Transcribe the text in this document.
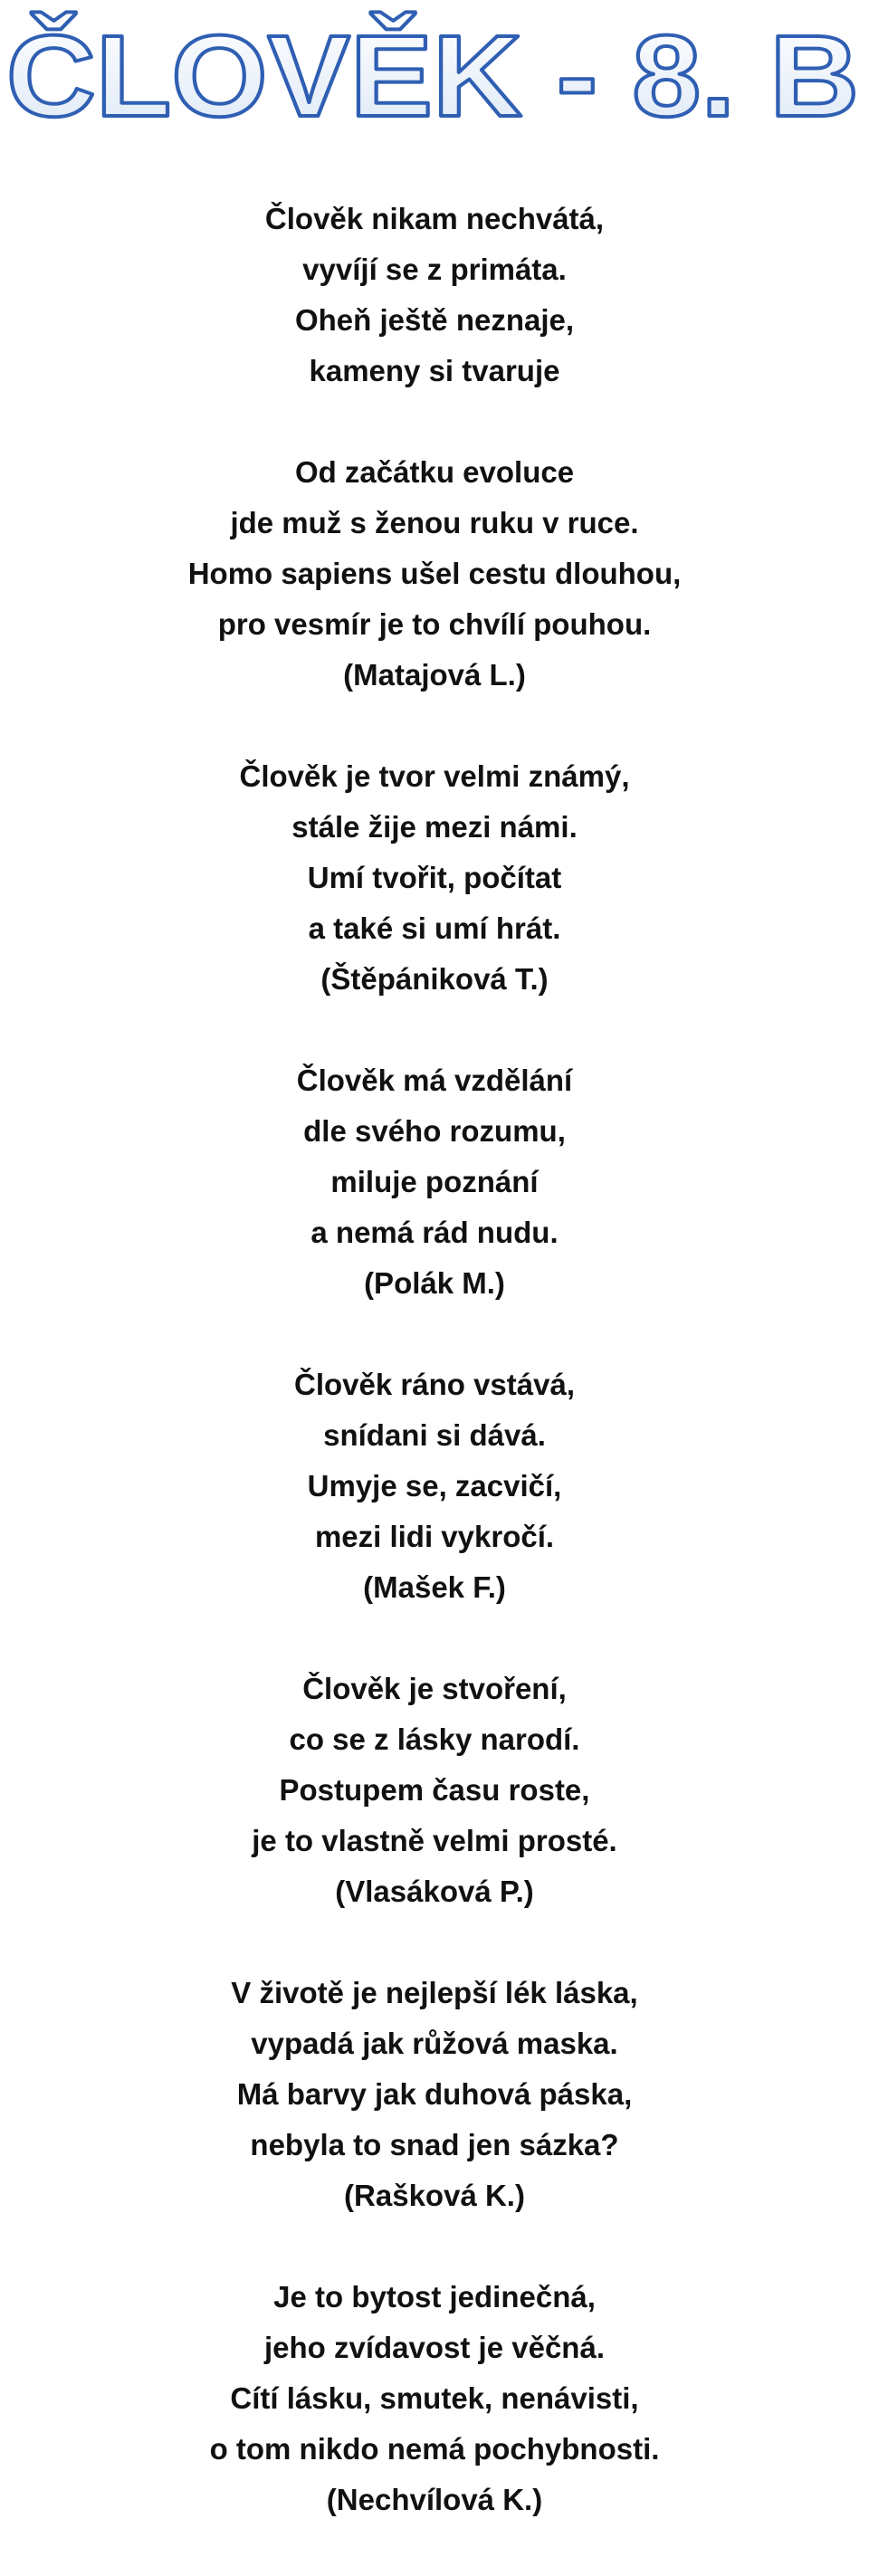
ČLOVĚK - 8. B
Člověk nikam nechvátá,
vyvíjí se z primáta.
Oheň ještě neznaje,
kameny si tvaruje
Od začátku evoluce
jde muž s ženou ruku v ruce.
Homo sapiens ušel cestu dlouhou,
pro vesmír je to chvílí pouhou.
(Matajová L.)
Člověk je tvor velmi známý,
stále žije mezi námi.
Umí tvořit, počítat
a také si umí hrát.
(Štěpániková T.)
Člověk má vzdělání
dle svého rozumu,
miluje poznání
a nemá rád nudu.
(Polák M.)
Člověk ráno vstává,
snídani si dává.
Umyje se, zacvičí,
mezi lidi vykročí.
(Mašek F.)
Člověk je stvoření,
co se z lásky narodí.
Postupem času roste,
je to vlastně velmi prosté.
(Vlasáková P.)
V životě je nejlepší lék láska,
vypadá jak růžová maska.
Má barvy jak duhová páska,
nebyla to snad jen sázka?
(Rašková K.)
Je to bytost jedinečná,
jeho zvídavost je věčná.
Cítí lásku, smutek, nenávisti,
o tom nikdo nemá pochybnosti.
(Nechvílová K.)
